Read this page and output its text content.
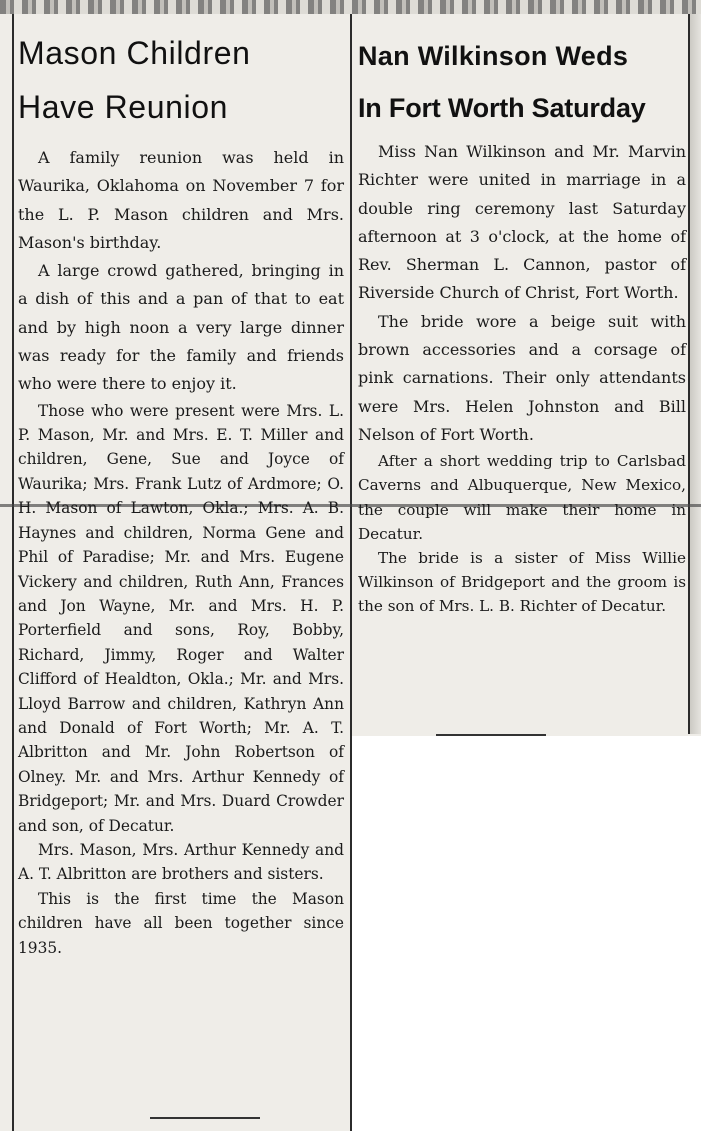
Mason Children
Have Reunion

A family reunion was held in Waurika, Oklahoma on November 7 for the L. P. Mason children and Mrs. Mason's birthday.

A large crowd gathered, bringing in a dish of this and a pan of that to eat and by high noon a very large dinner was ready for the family and friends who were there to enjoy it.

Those who were present were Mrs. L. P. Mason, Mr. and Mrs. E. T. Miller and children, Gene, Sue and Joyce of Waurika; Mrs. Frank Lutz of Ardmore; O. H. Mason of Lawton, Okla.; Mrs. A. B. Haynes and children, Norma Gene and Phil of Paradise; Mr. and Mrs. Eugene Vickery and children, Ruth Ann, Frances and Jon Wayne, Mr. and Mrs. H. P. Porterfield and sons, Roy, Bobby, Richard, Jimmy, Roger and Walter Clifford of Healdton, Okla.; Mr. and Mrs. Lloyd Barrow and children, Kathryn Ann and Donald of Fort Worth; Mr. A. T. Albritton and Mr. John Robertson of Olney. Mr. and Mrs. Arthur Kennedy of Bridgeport; Mr. and Mrs. Duard Crowder and son, of Decatur.

Mrs. Mason, Mrs. Arthur Kennedy and A. T. Albritton are brothers and sisters.

This is the first time the Mason children have all been together since 1935.

Nan Wilkinson Weds
In Fort Worth Saturday

Miss Nan Wilkinson and Mr. Marvin Richter were united in marriage in a double ring ceremony last Saturday afternoon at 3 o'clock, at the home of Rev. Sherman L. Cannon, pastor of Riverside Church of Christ, Fort Worth.

The bride wore a beige suit with brown accessories and a corsage of pink carnations. Their only attendants were Mrs. Helen Johnston and Bill Nelson of Fort Worth.

After a short wedding trip to Carlsbad Caverns and Albuquerque, New Mexico, the couple will make their home in Decatur.

The bride is a sister of Miss Willie Wilkinson of Bridgeport and the groom is the son of Mrs. L. B. Richter of Decatur.
